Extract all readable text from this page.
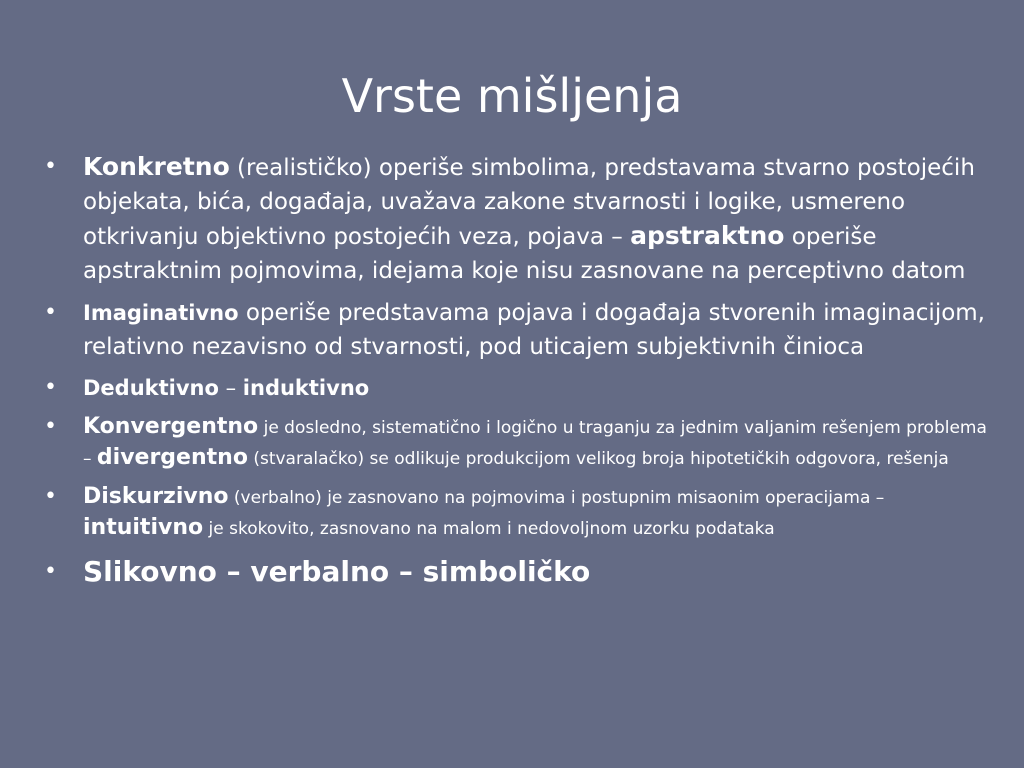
Vrste mišljenja
• Konkretno (realističko) operiše simbolima, predstavama stvarno postojećih objekata, bića, događaja, uvažava zakone stvarnosti i logike, usmereno otkrivanju objektivno postojećih veza, pojava – apstraktno operiše apstraktnim pojmovima, idejama koje nisu zasnovane na perceptivno datom
• Imaginativno operiše predstavama pojava i događaja stvorenih imaginacijom, relativno nezavisno od stvarnosti, pod uticajem subjektivnih činioca
• Deduktivno – induktivno
• Konvergentno je dosledno, sistematično i logično u traganju za jednim valjanim rešenjem problema – divergentno (stvaralačko) se odlikuje produkcijom velikog broja hipotetičkih odgovora, rešenja
• Diskurzivno (verbalno) je zasnovano na pojmovima i postupnim misaonim operacijama – intuitivno je skokovito, zasnovano na malom i nedovoljnom uzorku podataka
• Slikovno – verbalno – simboličko
